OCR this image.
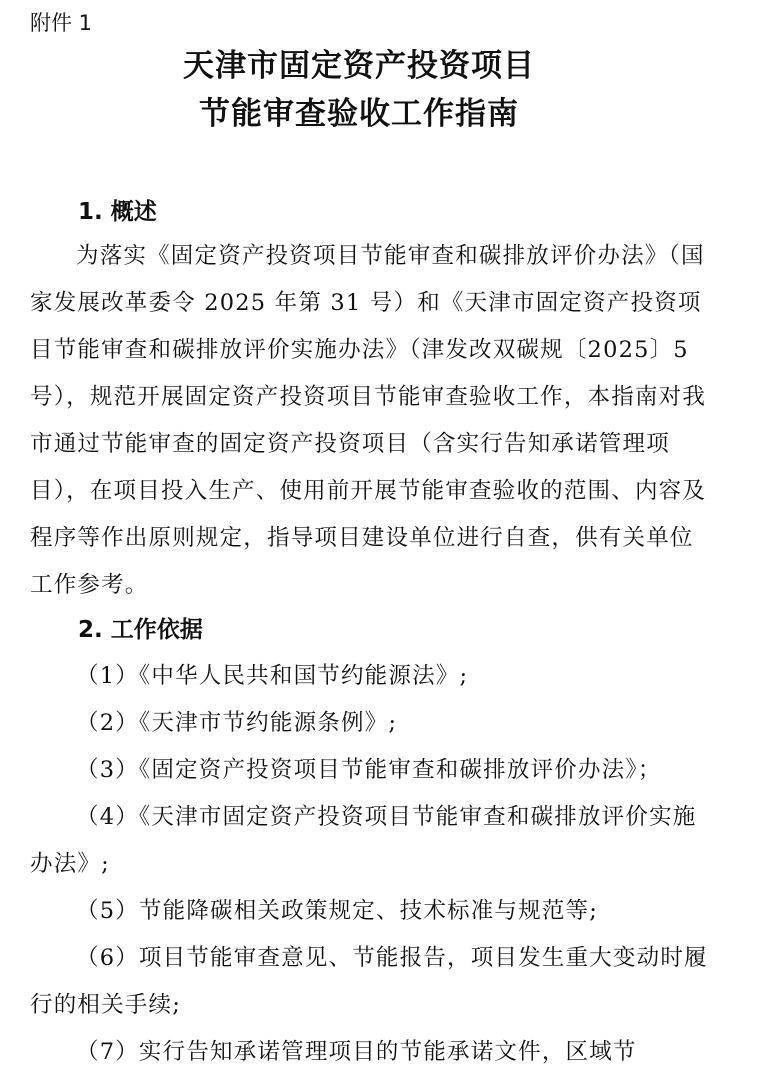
附件 1
天津市固定资产投资项目
节能审查验收工作指南
1. 概述
为落实《固定资产投资项目节能审查和碳排放评价办法》（国家发展改革委令 2025 年第 31 号）和《天津市固定资产投资项目节能审查和碳排放评价实施办法》（津发改双碳规〔2025〕5 号），规范开展固定资产投资项目节能审查验收工作，本指南对我市通过节能审查的固定资产投资项目（含实行告知承诺管理项目），在项目投入生产、使用前开展节能审查验收的范围、内容及程序等作出原则规定，指导项目建设单位进行自查，供有关单位工作参考。
2. 工作依据
（1）《中华人民共和国节约能源法》;
（2）《天津市节约能源条例》;
（3）《固定资产投资项目节能审查和碳排放评价办法》；
（4）《天津市固定资产投资项目节能审查和碳排放评价实施办法》;
（5）节能降碳相关政策规定、技术标准与规范等;
（6）项目节能审查意见、节能报告，项目发生重大变动时履行的相关手续;
（7）实行告知承诺管理项目的节能承诺文件，区域节
